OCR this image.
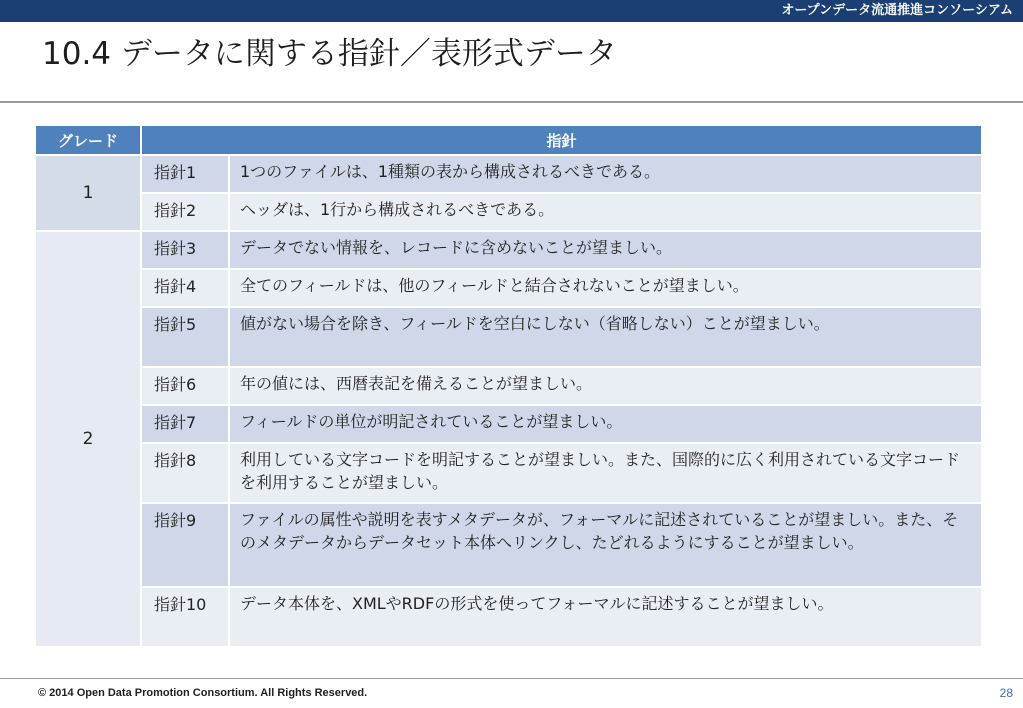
オープンデータ流通推進コンソーシアム
10.4 データに関する指針／表形式データ
グレード	指針	
1	指針1	1つのファイルは、1種類の表から構成されるべきである。
	指針2	ヘッダは、1行から構成されるべきである。
2	指針3	データでない情報を、レコードに含めないことが望ましい。
	指針4	全てのフィールドは、他のフィールドと結合されないことが望ましい。
	指針5	値がない場合を除き、フィールドを空白にしない（省略しない）ことが望ましい。
	指針6	年の値には、西暦表記を備えることが望ましい。
	指針7	フィールドの単位が明記されていることが望ましい。
	指針8	利用している文字コードを明記することが望ましい。また、国際的に広く利用されている文字コードを利用することが望ましい。
	指針9	ファイルの属性や説明を表すメタデータが、フォーマルに記述されていることが望ましい。また、そのメタデータからデータセット本体へリンクし、たどれるようにすることが望ましい。
	指針10	データ本体を、XMLやRDFの形式を使ってフォーマルに記述することが望ましい。
© 2014 Open Data Promotion Consortium. All Rights Reserved.	28
